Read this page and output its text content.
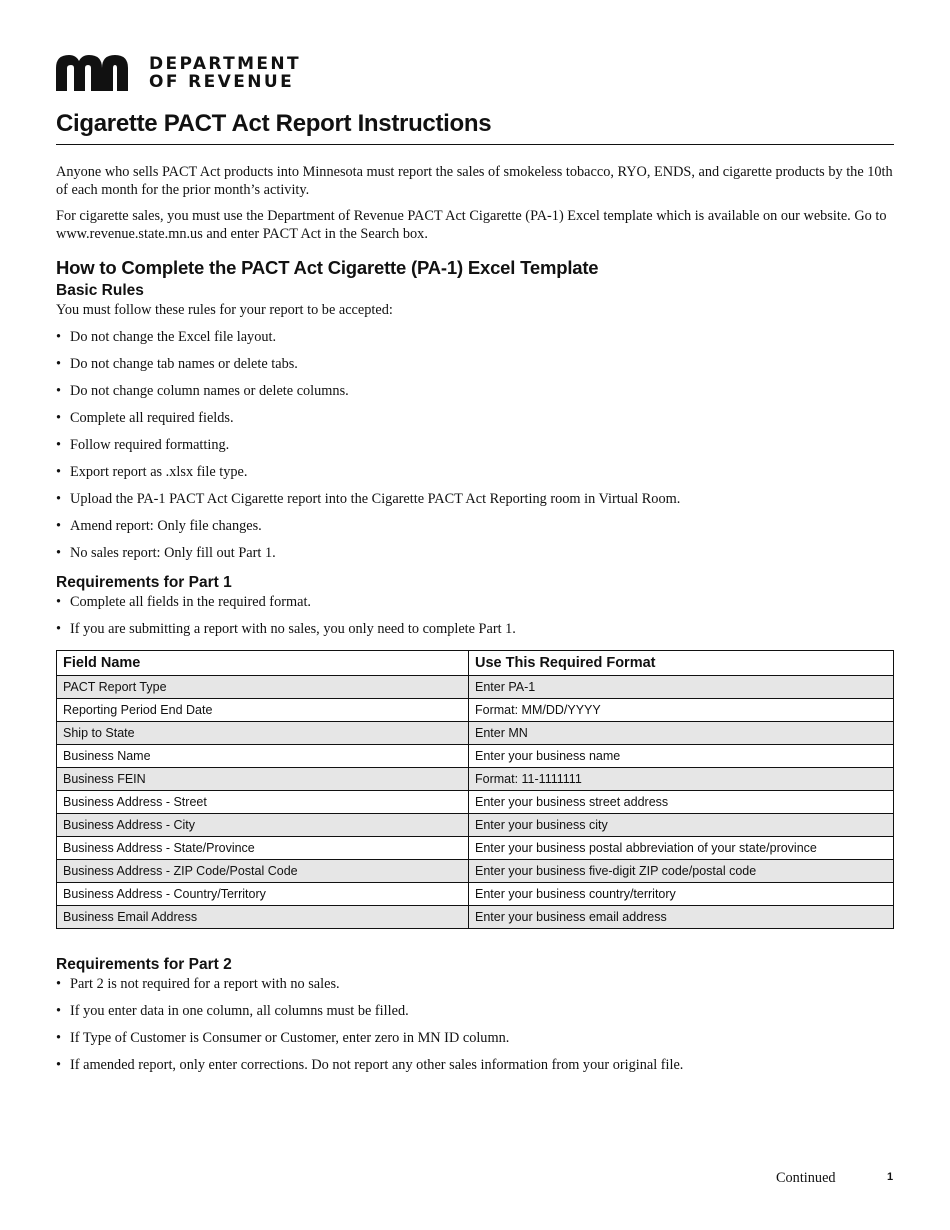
DEPARTMENT
OF REVENUE
Cigarette PACT Act Report Instructions

Anyone who sells PACT Act products into Minnesota must report the sales of smokeless tobacco, RYO, ENDS, and cigarette products by the 10th of each month for the prior month’s activity.

For cigarette sales, you must use the Department of Revenue PACT Act Cigarette (PA-1) Excel template which is available on our website. Go to www.revenue.state.mn.us and enter PACT Act in the Search box.

How to Complete the PACT Act Cigarette (PA-1) Excel Template
Basic Rules

You must follow these rules for your report to be accepted:

• Do not change the Excel file layout.
• Do not change tab names or delete tabs.
• Do not change column names or delete columns.
• Complete all required fields.
• Follow required formatting.
• Export report as .xlsx file type.
• Upload the PA-1 PACT Act Cigarette report into the Cigarette PACT Act Reporting room in Virtual Room.
• Amend report: Only file changes.
• No sales report: Only fill out Part 1.
Requirements for Part 1
• Complete all fields in the required format.
• If you are submitting a report with no sales, you only need to complete Part 1.
Field Name	Use This Required Format
PACT Report Type	Enter PA-1
Reporting Period End Date	Format: MM/DD/YYYY
Ship to State	Enter MN
Business Name	Enter your business name
Business FEIN	Format: 11-1111111
Business Address - Street	Enter your business street address
Business Address - City	Enter your business city
Business Address - State/Province	Enter your business postal abbreviation of your state/province
Business Address - ZIP Code/Postal Code	Enter your business five-digit ZIP code/postal code
Business Address - Country/Territory	Enter your business country/territory
Business Email Address	Enter your business email address
Requirements for Part 2
• Part 2 is not required for a report with no sales.
• If you enter data in one column, all columns must be filled.
• If Type of Customer is Consumer or Customer, enter zero in MN ID column.
• If amended report, only enter corrections. Do not report any other sales information from your original file.

Continued	1
